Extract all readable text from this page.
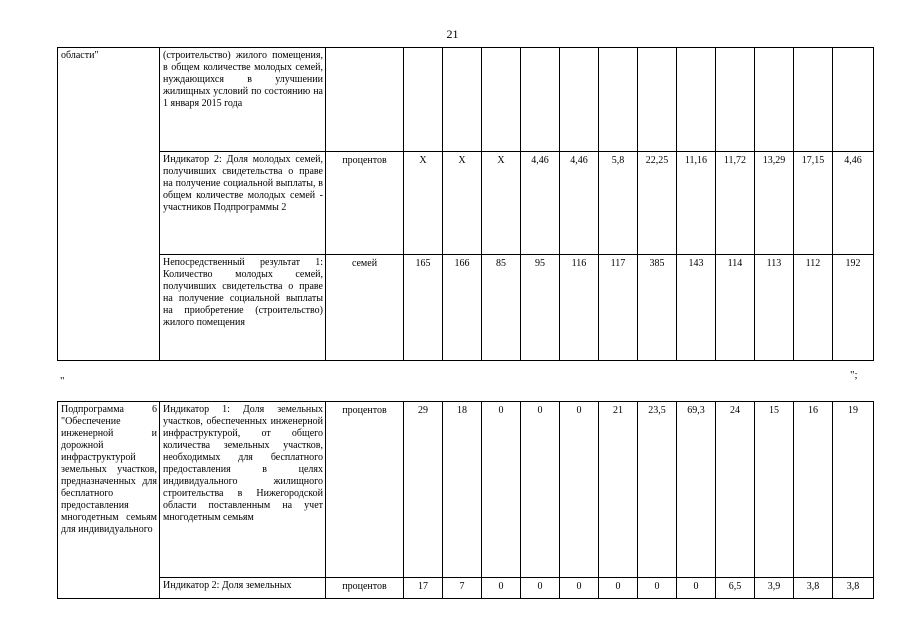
21
области"	(строительство) жилого помещения, в общем количестве молодых семей, нуждающихся в улучшении жилищных условий по состоянию на 1 января 2015 года													
	Индикатор 2: Доля молодых семей, получивших свидетельства о праве на получение социальной выплаты, в общем количестве молодых семей - участников Подпрограммы 2	процентов	X	X	X	4,46	4,46	5,8	22,25	11,16	11,72	13,29	17,15	4,46
	Непосредственный результат 1: Количество молодых семей, получивших свидетельства о праве на получение социальной выплаты на приобретение (строительство) жилого помещения	семей	165	166	85	95	116	117	385	143	114	113	112	192
"	";
Подпрограмма 6 "Обеспечение инженерной и дорожной инфраструктурой земельных участков, предназначенных для бесплатного предоставления многодетным семьям для индивидуального	Индикатор 1: Доля земельных участков, обеспеченных инженерной инфраструктурой, от общего количества земельных участков, необходимых для бесплатного предоставления в целях индивидуального жилищного строительства в Нижегородской области поставленным на учет многодетным семьям	процентов	29	18	0	0	0	21	23,5	69,3	24	15	16	19
	Индикатор 2: Доля земельных	процентов	17	7	0	0	0	0	0	0	6,5	3,9	3,8	3,8
